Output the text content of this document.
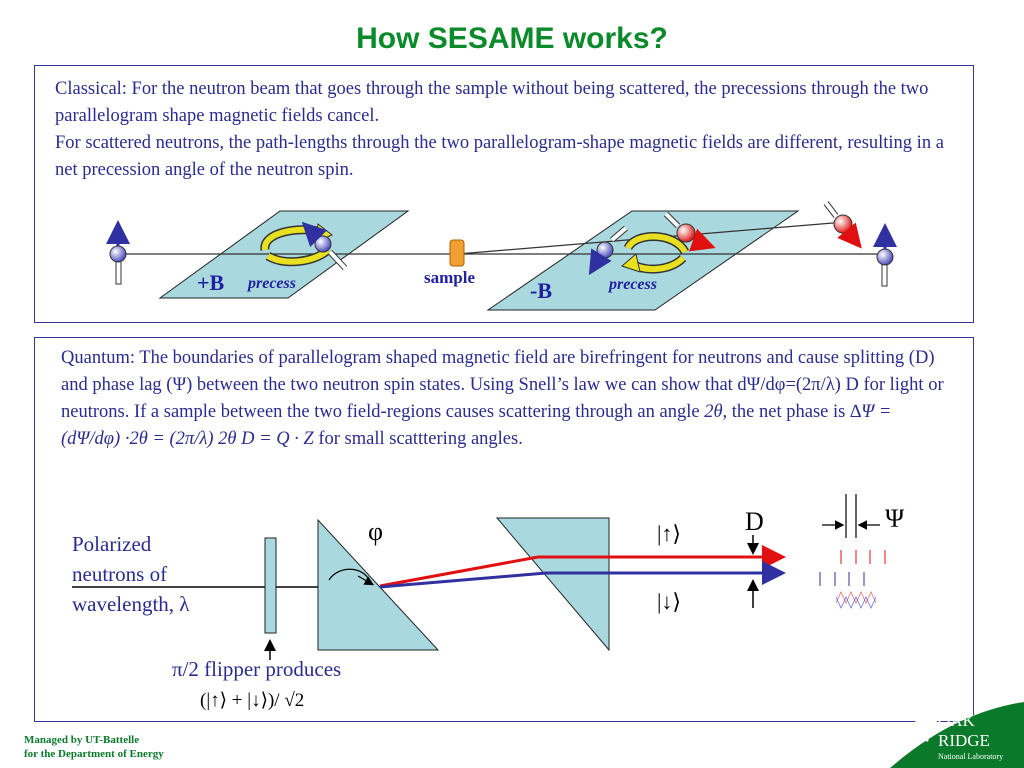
How SESAME works?
Classical: For the neutron beam that goes through the sample without being scattered, the precessions through the two parallelogram shape magnetic fields cancel.
For scattered neutrons, the path-lengths through the two parallelogram-shape magnetic fields are different, resulting in a net precession angle of the neutron spin.
Quantum: The boundaries of parallelogram shaped magnetic field are birefringent for neutrons and cause splitting (D) and phase lag (Ψ) between the two neutron spin states. Using Snell’s law we can show that dΨ/dφ=(2π/λ) D for light or neutrons. If a sample between the two field-regions causes scattering through an angle 2θ, the net phase is ∆Ψ = (dΨ/dφ) ·2θ = (2π/λ) 2θ D = Q · Z for small scatttering angles.
+B precess	sample
-B	precess
Polarized
neutrons of
wavelength, λ
π/2 flipper produces
(|↑⟩ + |↓⟩)/ √2
φ	|↑⟩
|↓⟩
D	Ψ
OAK
RIDGE
National Laboratory
Managed by UT-Battelle
for the Department of Energy
